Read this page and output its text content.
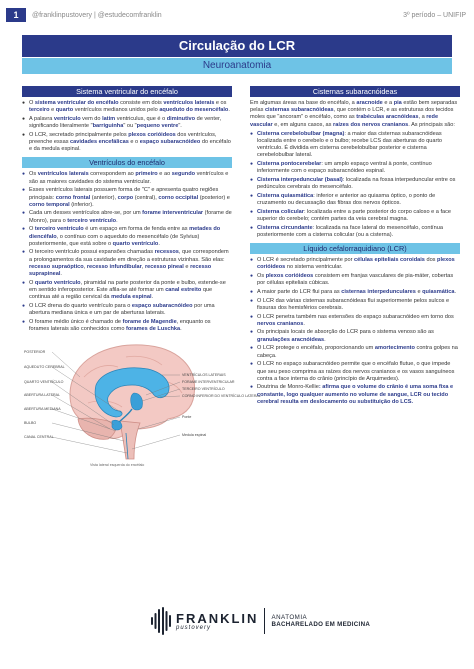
1	@franklinpustovery | @estudecomfranklin	3º período – UNIFIP
Circulação do LCR
Neuroanatomia
Sistema ventricular do encéfalo
● O sistema ventricular do encéfalo consiste em dois ventrículos laterais e os terceiro e quarto ventrículos medianos unidos pelo aqueduto do mesencéfalo.
● A palavra ventrículo vem do latim ventriculus, que é o diminutivo de venter, significando literalmente "barriguinha" ou "pequeno ventre".
● O LCR, secretado principalmente pelos plexos corióideos dos ventrículos, preenche essas cavidades encefálicas e o espaço subaracnóideo do encéfalo e da medula espinal.
Ventrículos do encéfalo
● Os ventrículos laterais correspondem ao primeiro e ao segundo ventrículos e são as maiores cavidades do sistema ventricular.
● Esses ventrículos laterais possuem forma de "C" e apresenta quatro regiões principais: corno frontal (anterior), corpo (central), corno occipital (posterior) e corno temporal (inferior).
● Cada um desses ventrículos abre-se, por um forame interventricular (forame de Monro), para o terceiro ventrículo.
● O terceiro ventrículo é um espaço em forma de fenda entre as metades do diencéfalo, o contínuo com o aqueduto do mesencéfalo (de Sylvius) posteriormente, que está sobre o quarto ventrículo.
● O terceiro ventrículo possui expansões chamadas recessos, que correspondem a prolongamentos da sua cavidade em direção a estruturas vizinhas. São elas: recesso supraóptico, recesso infundibular, recesso pineal e recesso suprapineal.
● O quarto ventrículo, piramidal na parte posterior da ponte e bulbo, estende-se em sentido inferoposterior. Este afila-se até formar um canal estreito que continua até a região cervical da medula espinal.
● O LCR drena do quarto ventrículo para o espaço subaracnóideo por uma abertura mediana única e um par de aberturas laterais.
● O forame médio único é chamado de forame de Magendie, enquanto os forames laterais são conhecidos como forames de Luschka.
POSTERIOR
AQUEDUTO CEREBRAL
QUARTO VENTRÍCULO
ABERTURA LATERAL
ABERTURA MEDIANA
BULBO
CANAL CENTRAL
VENTRÍCULOS LATERAIS
FORAME INTERVENTRICULAR
TERCEIRO VENTRÍCULO
CORNO INFERIOR DO VENTRÍCULO LATERAL
Ponte
Medula espinal
Vista lateral esquerda do encéfalo
Cisternas subaracnóideas

Em algumas áreas na base do encéfalo, a aracnoide e a pia estão bem separadas pelas cisternas subaracnóideas, que contém o LCR, e as estruturas dos tecidos moles que "ancoram" o encéfalo, como as trabéculas aracnóideas, a rede vascular e, em alguns casos, as raízes dos nervos cranianos. As principais são:

● Cisterna cerebelobulbar (magna): a maior das cisternas subaracnóideas localizada entre o cerebelo e o bulbo; recebe LCS das aberturas do quarto ventrículo. É dividida em cisterna cerebelobulbar posterior e cisterna cerebelobulbar lateral.
● Cisterna pontocerebelar: um amplo espaço ventral à ponte, contínuo inferiormente com o espaço subaracnóideo espinal.
● Cisterna interpeduncular (basal): localizada na fossa interpeduncular entre os pedúnculos cerebrais do mesencéfalo.
● Cisterna quiasmática: inferior e anterior ao quiasma óptico, o ponto de cruzamento ou decussação das fibras dos nervos ópticos.
● Cisterna colicular: localizada entre a parte posterior do corpo caloso e a face superior do cerebelo; contém partes da veia cerebral magna.
● Cisterna circundante: localizada na face lateral do mesencéfalo, contínua posteriormente com a cisterna colicular (ou a cisterna).
Líquido cefalorraquidiano (LCR)
● O LCR é secretado principalmente por células epiteliais coroidais dos plexos corióideos no sistema ventricular.
● Os plexos corióideos consistem em franjas vasculares de pia-máter, cobertas por células epiteliais cúbicas.
● A maior parte do LCR flui para as cisternas interpedunculares e quiasmática.
● O LCR das várias cisternas subaracnóideas flui superiormente pelos sulcos e fissuras dos hemisférios cerebrais.
● O LCR penetra também nas extensões do espaço subaracnóideo em torno dos nervos cranianos.
● Os principais locais de absorção do LCR para o sistema venoso são as granulações aracnóideas.
● O LCR protege o encéfalo, proporcionando um amortecimento contra golpes na cabeça.
● O LCR no espaço subaracnóideo permite que o encéfalo flutue, o que impede que seu peso comprima as raízes dos nervos cranianos e os vasos sanguíneos contra a face interna do crânio (princípio de Arquimedes).
● Doutrina de Monro-Kellie: afirma que o volume do crânio é uma soma fixa e constante, logo qualquer aumento no volume de sangue, LCR ou tecido cerebral resulta em deslocamento ou substituição do LCS.
FRANKLIN
pustovery
ANATOMIA
BACHARELADO EM MEDICINA
